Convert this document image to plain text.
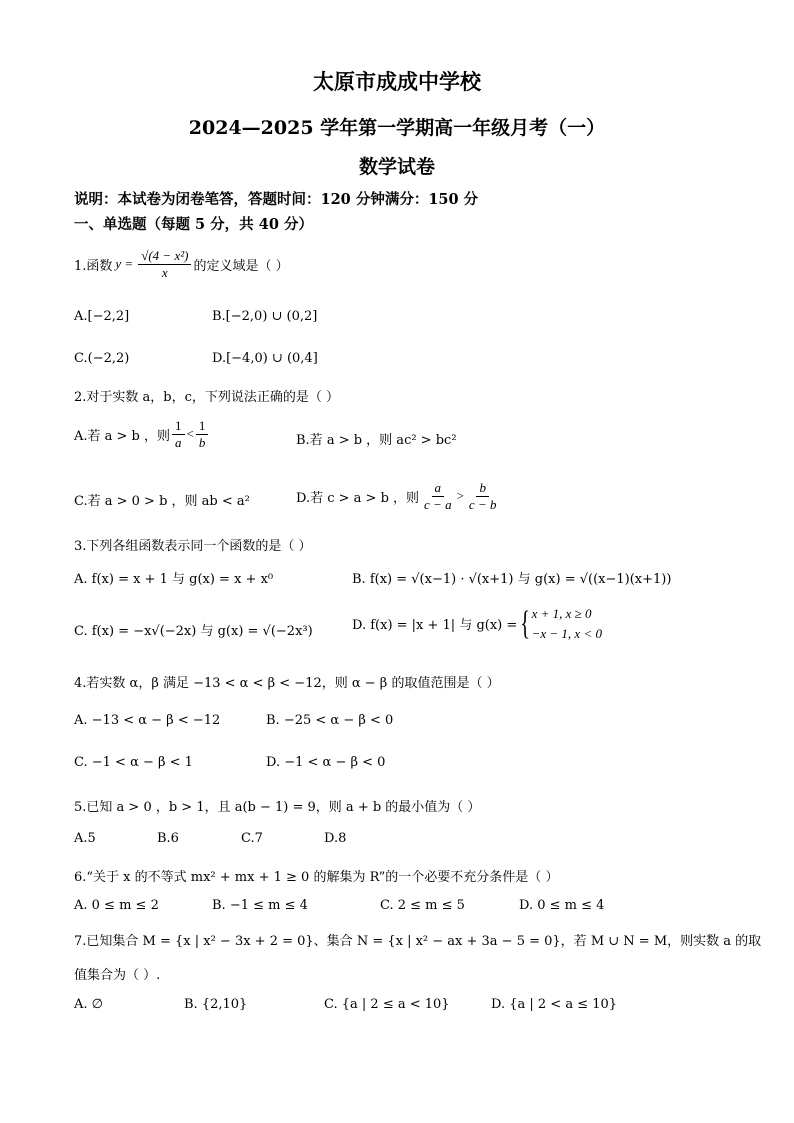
太原市成成中学校
2024—2025 学年第一学期高一年级月考（一）
数学试卷
说明：本试卷为闭卷笔答，答题时间：120 分钟满分：150 分
一、单选题（每题 5 分，共 40 分）
1.函数 $y = \frac{\text{√(4 − x²)}}{x}$ 的定义域是（ ）
A.[−2,2]	B.[−2,0) ∪ (0,2]
C.(−2,2)	D.[−4,0) ∪ (0,4]
2.对于实数 a，b，c，下列说法正确的是（ ）
A.若 a > b ，则 $\frac{1}{a} < \frac{1}{b}$	B.若 a > b ，则 ac² > bc²
C.若 a > 0 > b ，则 ab < a²	D.若 c > a > b ，则 $\frac{a}{c - a} > \frac{b}{c - b}$
3.下列各组函数表示同一个函数的是（ ）
A. f(x) = x + 1 与 g(x) = x + x⁰	B. f(x) = √(x−1) · √(x+1) 与 g(x) = √((x−1)(x+1))
C. f(x) = −x√(−2x) 与 g(x) = √(−2x³)	D. f(x) = |x + 1| 与 g(x) = { x + 1, x ≥ 0
−x − 1, x < 0
4.若实数 α，β 满足 −13 < α < β < −12，则 α − β 的取值范围是（ ）
A. −13 < α − β < −12	B. −25 < α − β < 0
C. −1 < α − β < 1	D. −1 < α − β < 0
5.已知 a > 0 ，b > 1，且 a(b − 1) = 9，则 a + b 的最小值为（ ）
A.5	B.6	C.7	D.8
6.“关于 x 的不等式 mx² + mx + 1 ≥ 0 的解集为 R”的一个必要不充分条件是（ ）
A. 0 ≤ m ≤ 2	B. −1 ≤ m ≤ 4	C. 2 ≤ m ≤ 5	D. 0 ≤ m ≤ 4
7.已知集合 M = {x | x² − 3x + 2 = 0}、集合 N = {x | x² − ax + 3a − 5 = 0}，若 M ∪ N = M，则实数 a 的取
值集合为（ ）.
A. ∅	B. {2,10}	C. {a | 2 ≤ a < 10}	D. {a | 2 < a ≤ 10}
